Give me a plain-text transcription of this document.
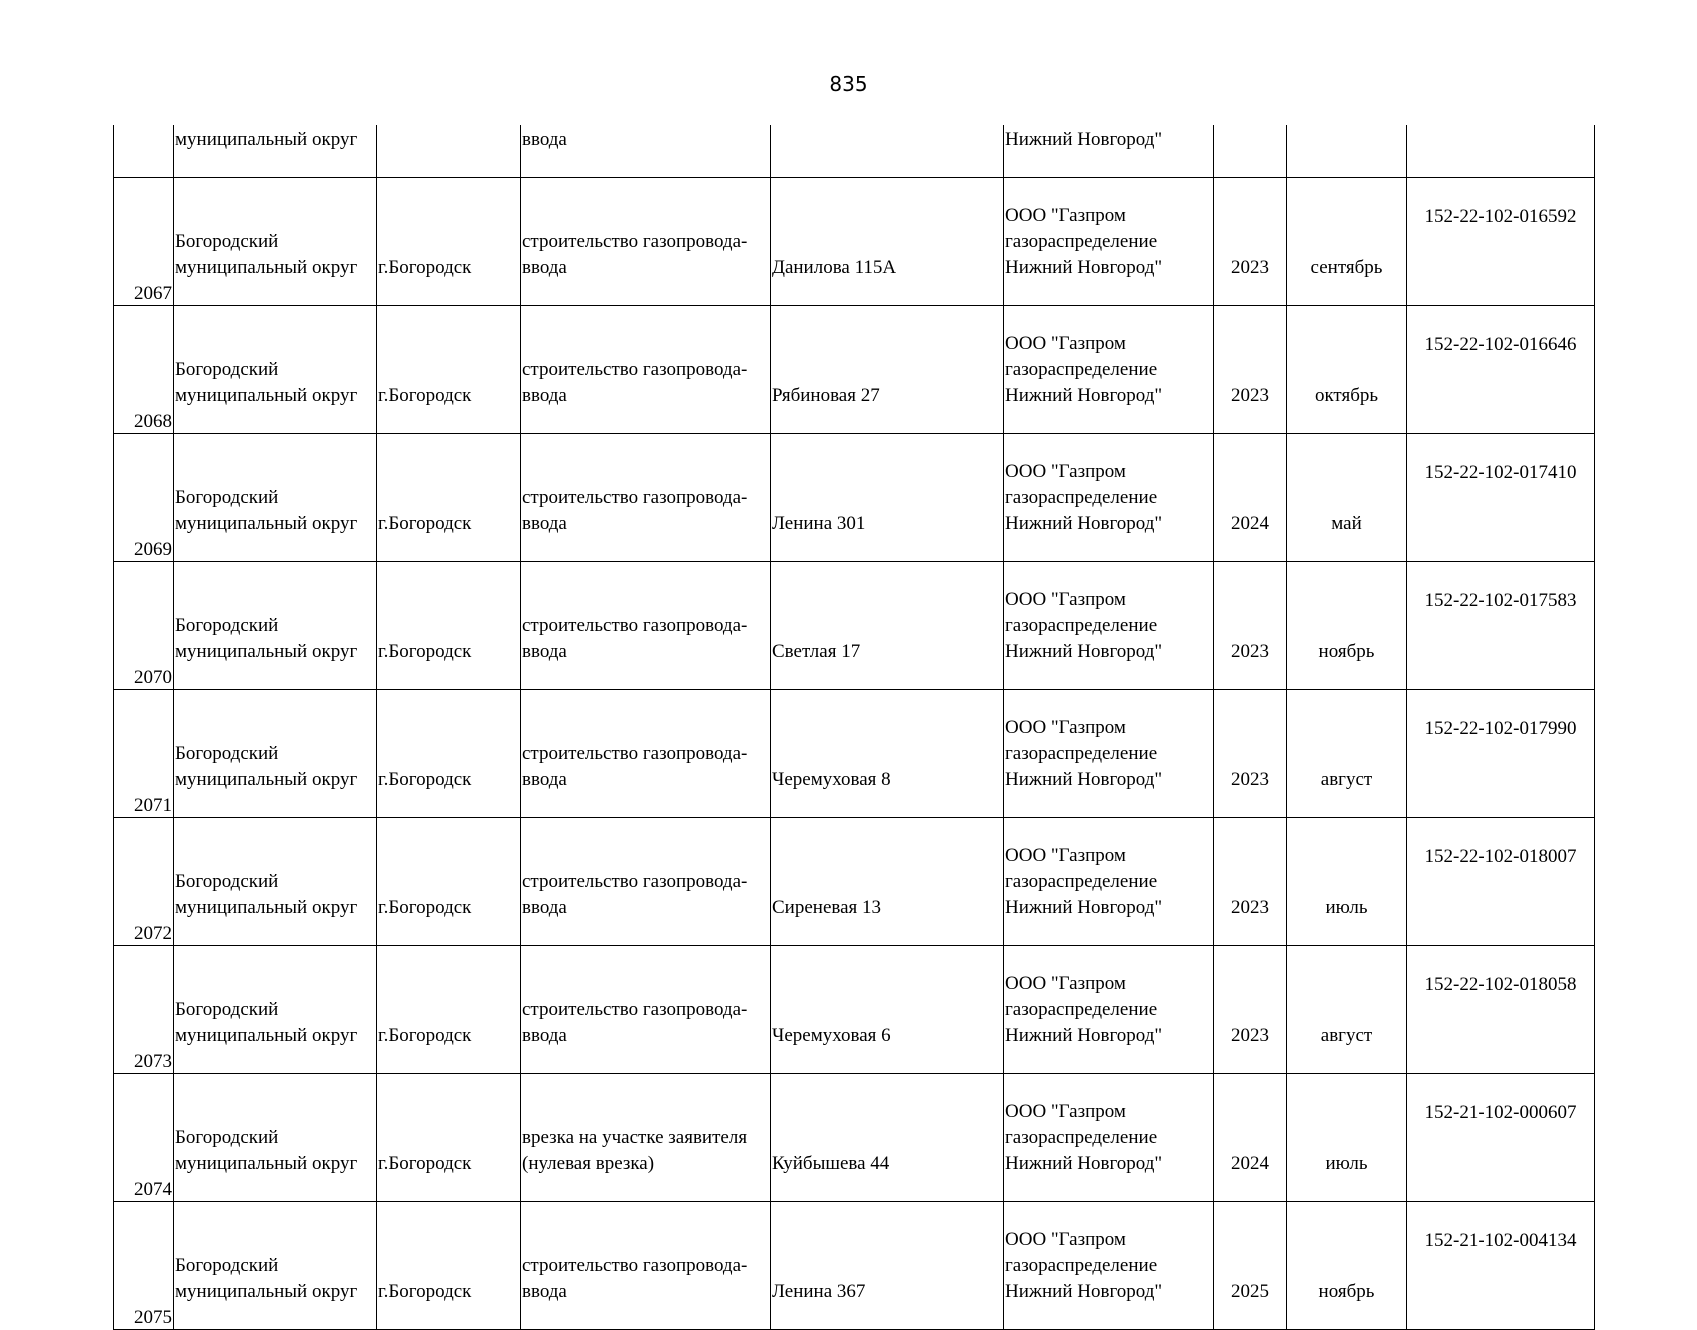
835
	муниципальный округ		ввода		Нижний Новгород"			

2067	Богородский
муниципальный округ	г.Богородск	строительство газопровода-
ввода	Данилова 115А	ООО "Газпром
газораспределение
Нижний Новгород"	2023	сентябрь	152-22-102-016592

2068	Богородский
муниципальный округ	г.Богородск	строительство газопровода-
ввода	Рябиновая 27	ООО "Газпром
газораспределение
Нижний Новгород"	2023	октябрь	152-22-102-016646

2069	Богородский
муниципальный округ	г.Богородск	строительство газопровода-
ввода	Ленина 301	ООО "Газпром
газораспределение
Нижний Новгород"	2024	май	152-22-102-017410

2070	Богородский
муниципальный округ	г.Богородск	строительство газопровода-
ввода	Светлая 17	ООО "Газпром
газораспределение
Нижний Новгород"	2023	ноябрь	152-22-102-017583

2071	Богородский
муниципальный округ	г.Богородск	строительство газопровода-
ввода	Черемуховая 8	ООО "Газпром
газораспределение
Нижний Новгород"	2023	август	152-22-102-017990

2072	Богородский
муниципальный округ	г.Богородск	строительство газопровода-
ввода	Сиреневая 13	ООО "Газпром
газораспределение
Нижний Новгород"	2023	июль	152-22-102-018007

2073	Богородский
муниципальный округ	г.Богородск	строительство газопровода-
ввода	Черемуховая 6	ООО "Газпром
газораспределение
Нижний Новгород"	2023	август	152-22-102-018058

2074	Богородский
муниципальный округ	г.Богородск	врезка на участке заявителя
(нулевая врезка)	Куйбышева 44	ООО "Газпром
газораспределение
Нижний Новгород"	2024	июль	152-21-102-000607

2075	Богородский
муниципальный округ	г.Богородск	строительство газопровода-
ввода	Ленина 367	ООО "Газпром
газораспределение
Нижний Новгород"	2025	ноябрь	152-21-102-004134
